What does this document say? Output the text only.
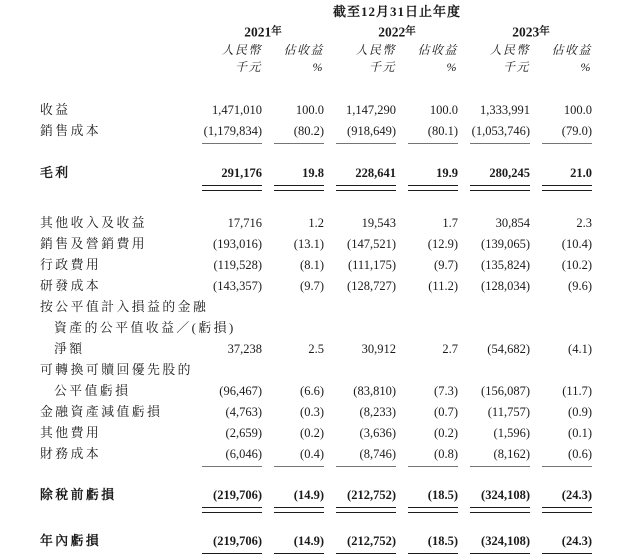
截至12月31日止年度
2021年	2022年	2023年
人民幣	佔收益	人民幣	佔收益	人民幣	佔收益
千元	%	千元	%	千元	%
收益	1,471,010	100.0	1,147,290	100.0	1,333,991	100.0
銷售成本	(1,179,834)	(80.2)	(918,649)	(80.1) (1,053,746)	(79.0)
毛利	291,176	19.8	228,641	19.9	280,245	21.0
其他收入及收益	17,716	1.2	19,543	1.7	30,854	2.3
銷售及營銷費用	(193,016)	(13.1)	(147,521)	(12.9)	(139,065)	(10.4)
行政費用	(119,528)	(8.1)	(111,175)	(9.7)	(135,824)	(10.2)
研發成本	(143,357)	(9.7)	(128,727)	(11.2)	(128,034)	(9.6)
按公平值計入損益的金融
資產的公平值收益／(虧損)
淨額	37,238	2.5	30,912	2.7	(54,682)	(4.1)
可轉換可贖回優先股的
公平值虧損	(96,467)	(6.6)	(83,810)	(7.3)	(156,087)	(11.7)
金融資產減值虧損	(4,763)	(0.3)	(8,233)	(0.7)	(11,757)	(0.9)
其他費用	(2,659)	(0.2)	(3,636)	(0.2)	(1,596)	(0.1)
財務成本	(6,046)	(0.4)	(8,746)	(0.8)	(8,162)	(0.6)
除稅前虧損	(219,706)	(14.9)	(212,752)	(18.5)	(324,108)	(24.3)
年內虧損	(219,706)	(14.9)	(212,752)	(18.5)	(324,108)	(24.3)
